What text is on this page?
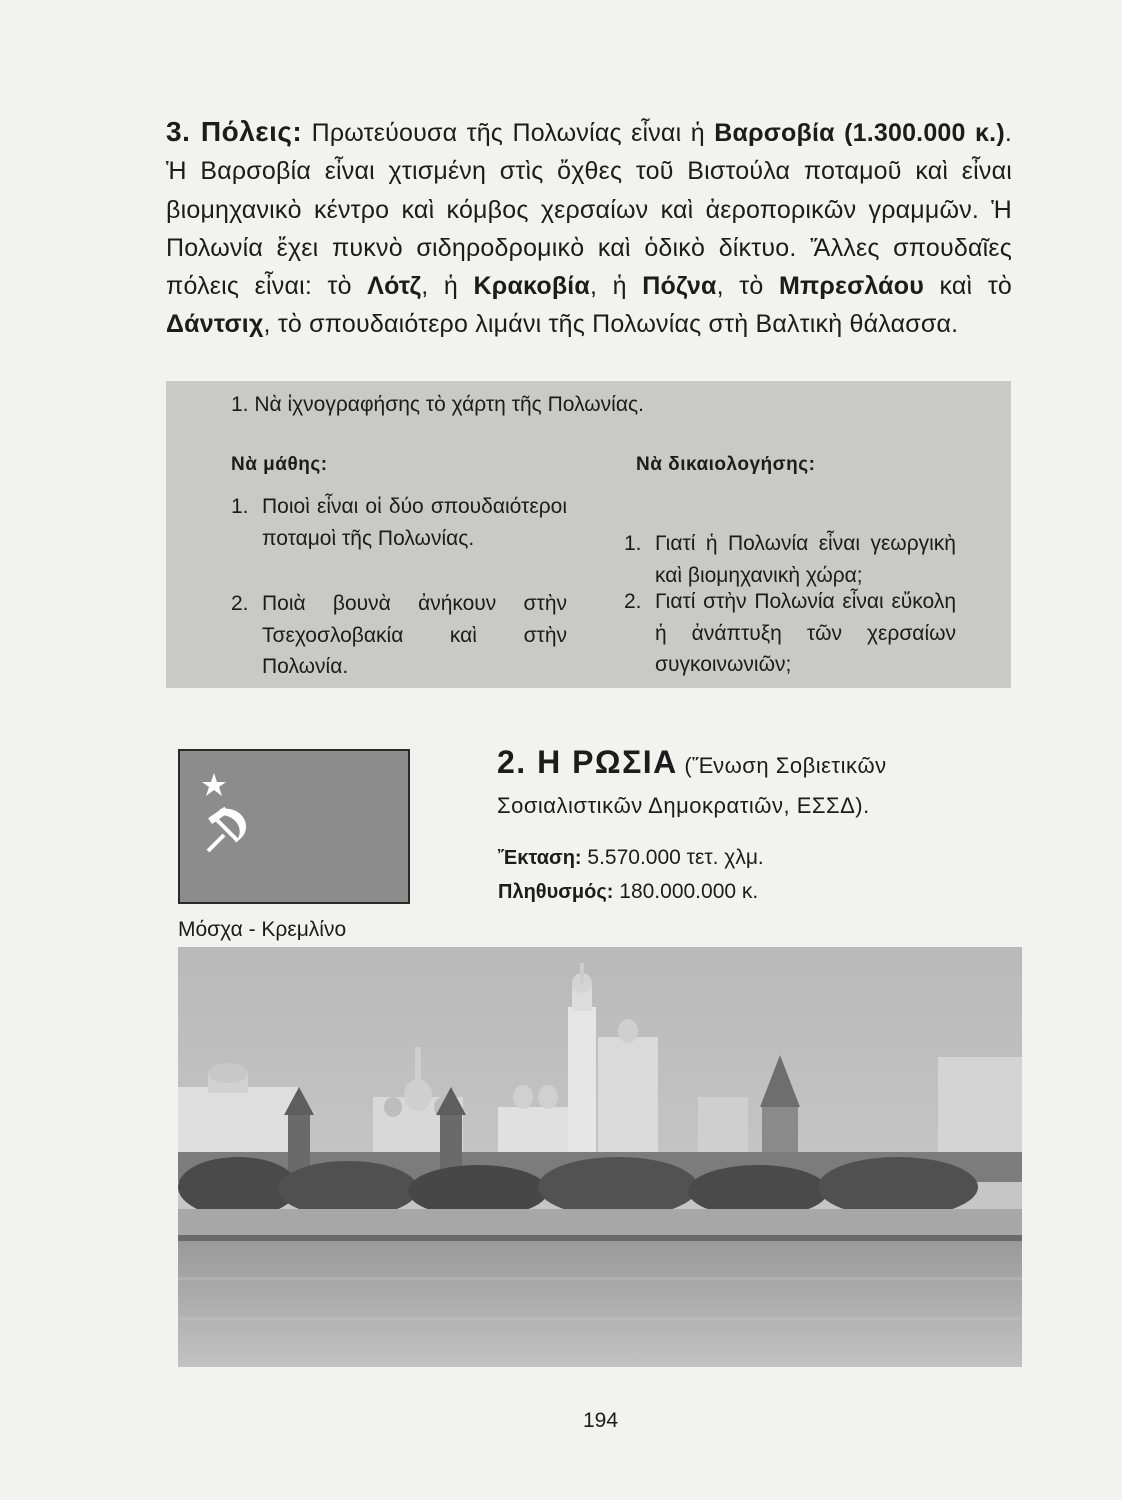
3. Πόλεις: Πρωτεύουσα τῆς Πολωνίας εἶναι ἡ Βαρσοβία (1.300.000 κ.). Ἡ Βαρσοβία εἶναι χτισμένη στὶς ὄχθες τοῦ Βιστούλα ποταμοῦ καὶ εἶναι βιομηχανικὸ κέντρο καὶ κόμβος χερσαίων καὶ ἀεροπορικῶν γραμμῶν. Ἡ Πολωνία ἔχει πυκνὸ σιδηροδρομικὸ καὶ ὁδικὸ δίκτυο. Ἄλλες σπουδαῖες πόλεις εἶναι: τὸ Λότζ, ἡ Κρακοβία, ἡ Πόζνα, τὸ Μπρεσλάου καὶ τὸ Δάντσιχ, τὸ σπουδαιότερο λιμάνι τῆς Πολωνίας στὴ Βαλτικὴ θάλασσα.
1. Νὰ ἰχνογραφήσης τὸ χάρτη τῆς Πολωνίας.
Νὰ μάθης:	Νὰ δικαιολογήσης:
1. Ποιοὶ εἶναι οἱ δύο σπουδαιότεροι ποταμοὶ τῆς Πολωνίας.
2. Ποιὰ βουνὰ ἀνήκουν στὴν Τσεχοσλοβακία καὶ στὴν Πολωνία.
1. Γιατί ἡ Πολωνία εἶναι γεωργικὴ καὶ βιομηχανικὴ χώρα;
2. Γιατί στὴν Πολωνία εἶναι εὔκολη ἡ ἀνάπτυξη τῶν χερσαίων συγκοινωνιῶν;
Μόσχα - Κρεμλίνο
2. Η ΡΩΣΙΑ (Ἕνωση Σοβιετικῶν Σοσιαλιστικῶν Δημοκρατιῶν, ΕΣΣΔ).
Ἔκταση: 5.570.000 τετ. χλμ.
Πληθυσμός: 180.000.000 κ.
194
